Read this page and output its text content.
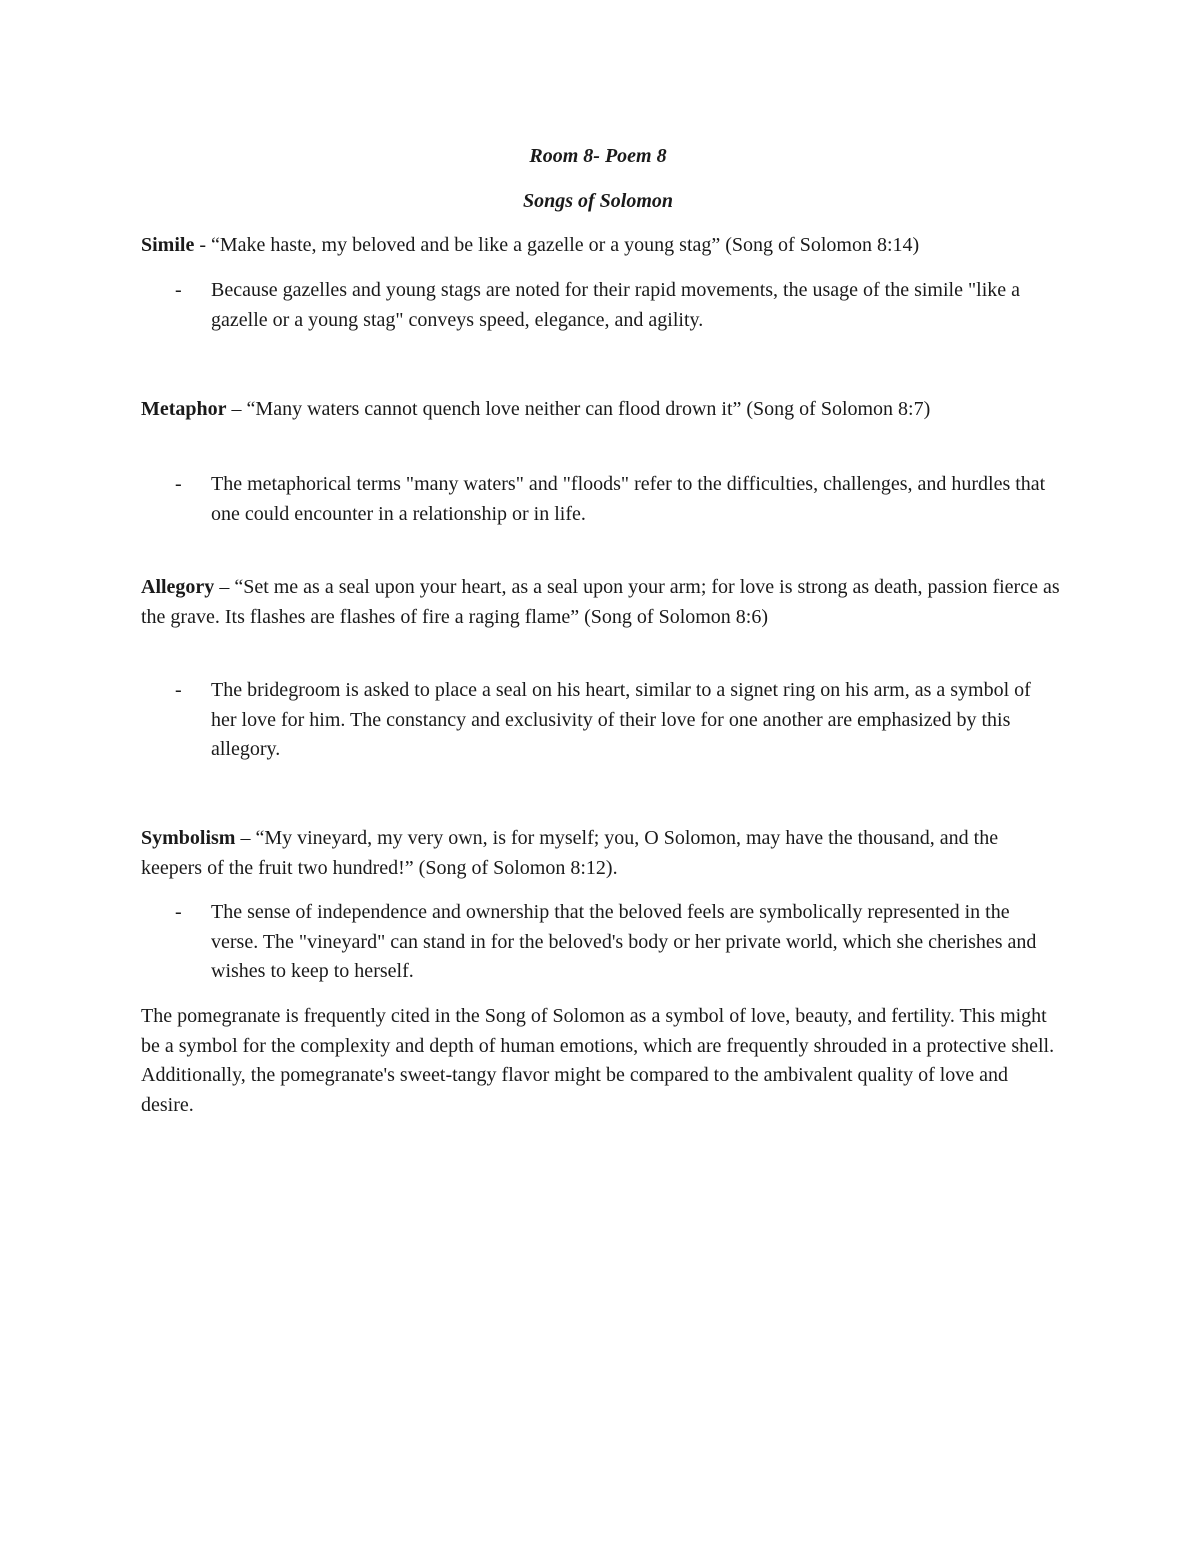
Room 8- Poem 8
Songs of Solomon
Simile - “Make haste, my beloved and be like a gazelle or a young stag” (Song of Solomon 8:14)
- Because gazelles and young stags are noted for their rapid movements, the usage of the simile "like a gazelle or a young stag" conveys speed, elegance, and agility.
Metaphor – “Many waters cannot quench love neither can flood drown it” (Song of Solomon 8:7)
- The metaphorical terms "many waters" and "floods" refer to the difficulties, challenges, and hurdles that one could encounter in a relationship or in life.
Allegory – “Set me as a seal upon your heart, as a seal upon your arm; for love is strong as death, passion fierce as the grave. Its flashes are flashes of fire a raging flame” (Song of Solomon 8:6)
- The bridegroom is asked to place a seal on his heart, similar to a signet ring on his arm, as a symbol of her love for him. The constancy and exclusivity of their love for one another are emphasized by this allegory.
Symbolism – “My vineyard, my very own, is for myself; you, O Solomon, may have the thousand, and the keepers of the fruit two hundred!” (Song of Solomon 8:12).
- The sense of independence and ownership that the beloved feels are symbolically represented in the verse. The "vineyard" can stand in for the beloved's body or her private world, which she cherishes and wishes to keep to herself.
The pomegranate is frequently cited in the Song of Solomon as a symbol of love, beauty, and fertility. This might be a symbol for the complexity and depth of human emotions, which are frequently shrouded in a protective shell. Additionally, the pomegranate's sweet-tangy flavor might be compared to the ambivalent quality of love and desire.
